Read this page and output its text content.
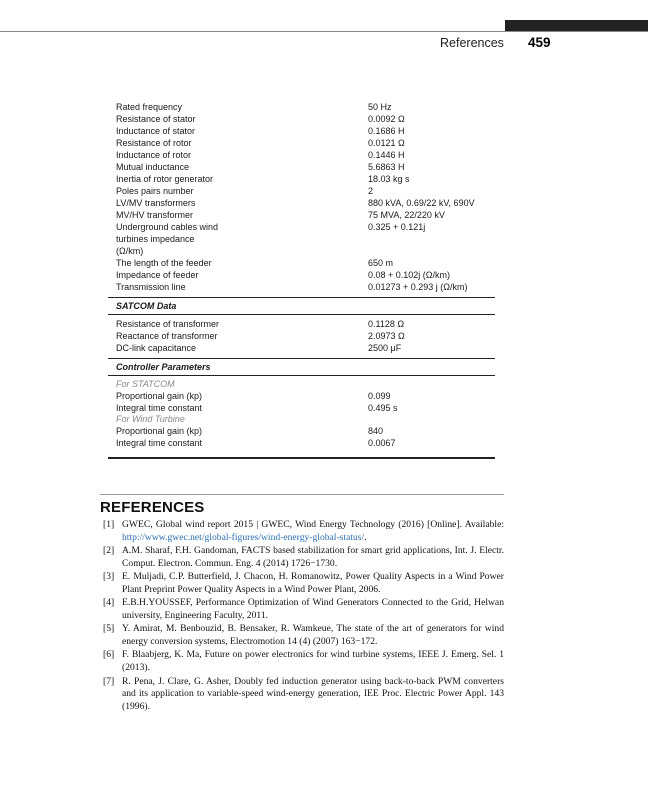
References 459
Rated frequency	50 Hz
Resistance of stator	0.0092 Ω
Inductance of stator	0.1686 H
Resistance of rotor	0.0121 Ω
Inductance of rotor	0.1446 H
Mutual inductance	5.6863 H
Inertia of rotor generator	18.03 kg s
Poles pairs number	2
LV/MV transformers	880 kVA, 0.69/22 kV, 690V
MV/HV transformer	75 MVA, 22/220 kV
Underground cables wind	0.325 + 0.121j
turbines impedance
(Ω/km)
The length of the feeder	650 m
Impedance of feeder	0.08 + 0.102j (Ω/km)
Transmission line	0.01273 + 0.293 j (Ω/km)
SATCOM Data
Resistance of transformer	0.1128 Ω
Reactance of transformer	2.0973 Ω
DC-link capacitance	2500 μF
Controller Parameters
For STATCOM
Proportional gain (kp)	0.099
Integral time constant	0.495 s
For Wind Turbine
Proportional gain (kp)	840
Integral time constant	0.0067
REFERENCES
[1] GWEC, Global wind report 2015 | GWEC, Wind Energy Technology (2016) [Online]. Available: http://www.gwec.net/global-figures/wind-energy-global-status/.
[2] A.M. Sharaf, F.H. Gandoman, FACTS based stabilization for smart grid applications, Int. J. Electr. Comput. Electron. Commun. Eng. 4 (2014) 1726−1730.
[3] E. Muljadi, C.P. Butterfield, J. Chacon, H. Romanowitz, Power Quality Aspects in a Wind Power Plant Preprint Power Quality Aspects in a Wind Power Plant, 2006.
[4] E.B.H.YOUSSEF, Performance Optimization of Wind Generators Connected to the Grid, Helwan university, Engineering Faculty, 2011.
[5] Y. Amirat, M. Benbouzid, B. Bensaker, R. Wamkeue, The state of the art of generators for wind energy conversion systems, Electromotion 14 (4) (2007) 163−172.
[6] F. Blaabjerg, K. Ma, Future on power electronics for wind turbine systems, IEEE J. Emerg. Sel. 1 (2013).
[7] R. Pena, J. Clare, G. Asher, Doubly fed induction generator using back-to-back PWM converters and its application to variable-speed wind-energy generation, IEE Proc. Electric Power Appl. 143 (1996).
